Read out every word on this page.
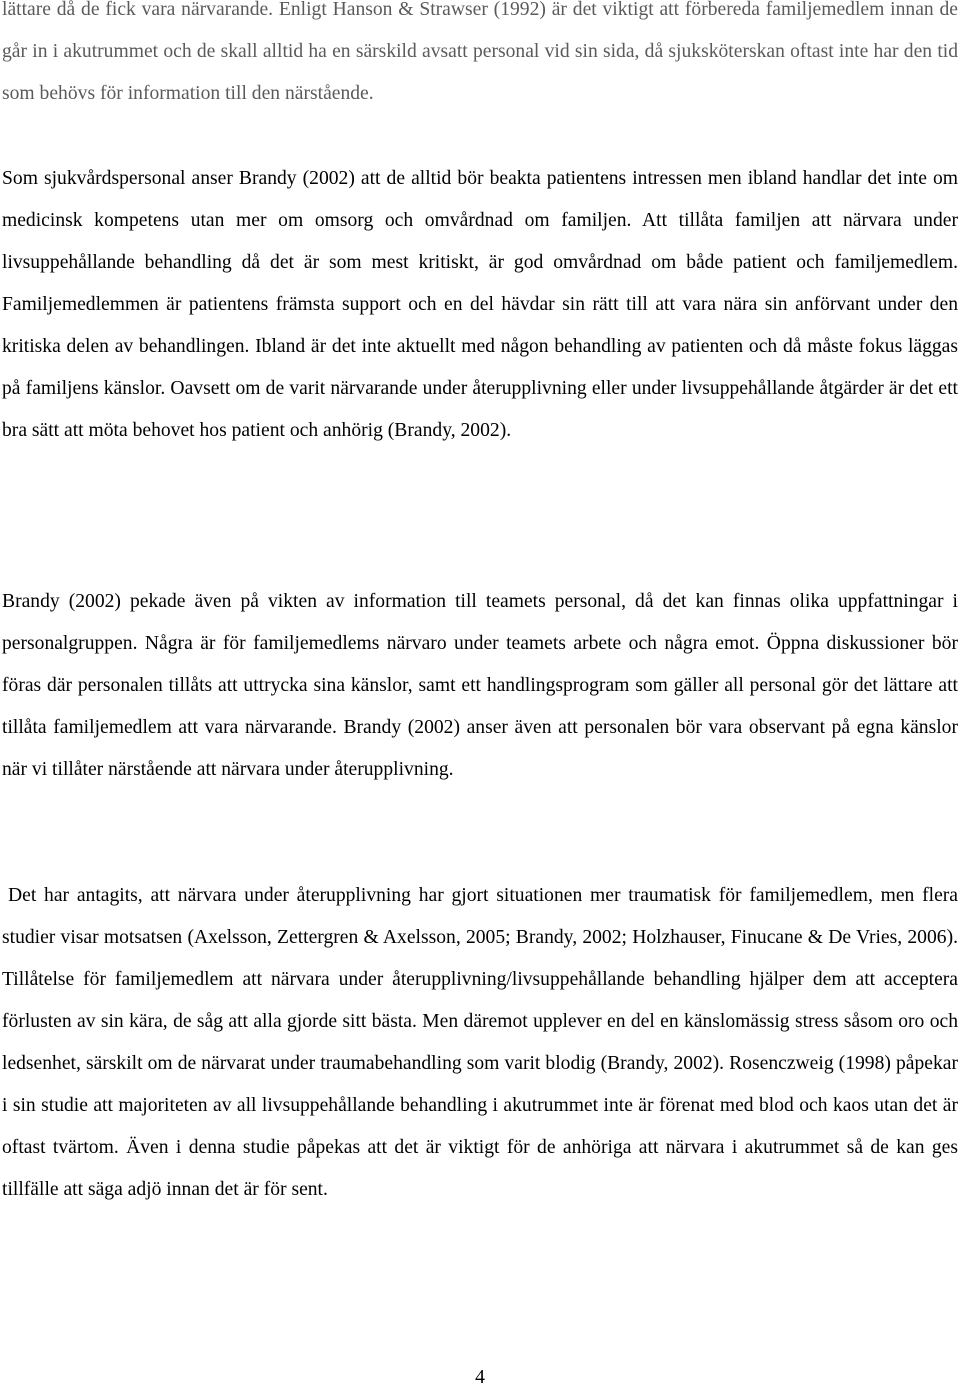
lättare då de fick vara närvarande. Enligt Hanson & Strawser (1992) är det viktigt att förbereda familjemedlem innan de går in i akutrummet och de skall alltid ha en särskild avsatt personal vid sin sida, då sjuksköterskan oftast inte har den tid som behövs för information till den närstående.

Som sjukvårdspersonal anser Brandy (2002) att de alltid bör beakta patientens intressen men ibland handlar det inte om medicinsk kompetens utan mer om omsorg och omvårdnad om familjen. Att tillåta familjen att närvara under livsuppehållande behandling då det är som mest kritiskt, är god omvårdnad om både patient och familjemedlem. Familjemedlemmen är patientens främsta support och en del hävdar sin rätt till att vara nära sin anförvant under den kritiska delen av behandlingen. Ibland är det inte aktuellt med någon behandling av patienten och då måste fokus läggas på familjens känslor. Oavsett om de varit närvarande under återupplivning eller under livsuppehållande åtgärder är det ett bra sätt att möta behovet hos patient och anhörig (Brandy, 2002).

Brandy (2002) pekade även på vikten av information till teamets personal, då det kan finnas olika uppfattningar i personalgruppen. Några är för familjemedlems närvaro under teamets arbete och några emot. Öppna diskussioner bör föras där personalen tillåts att uttrycka sina känslor, samt ett handlingsprogram som gäller all personal gör det lättare att tillåta familjemedlem att vara närvarande. Brandy (2002) anser även att personalen bör vara observant på egna känslor när vi tillåter närstående att närvara under återupplivning.

Det har antagits, att närvara under återupplivning har gjort situationen mer traumatisk för familjemedlem, men flera studier visar motsatsen (Axelsson, Zettergren & Axelsson, 2005; Brandy, 2002; Holzhauser, Finucane & De Vries, 2006). Tillåtelse för familjemedlem att närvara under återupplivning/livsuppehållande behandling hjälper dem att acceptera förlusten av sin kära, de såg att alla gjorde sitt bästa. Men däremot upplever en del en känslomässig stress såsom oro och ledsenhet, särskilt om de närvarat under traumabehandling som varit blodig (Brandy, 2002). Rosenczweig (1998) påpekar i sin studie att majoriteten av all livsuppehållande behandling i akutrummet inte är förenat med blod och kaos utan det är oftast tvärtom. Även i denna studie påpekas att det är viktigt för de anhöriga att närvara i akutrummet så de kan ges tillfälle att säga adjö innan det är för sent.

4
